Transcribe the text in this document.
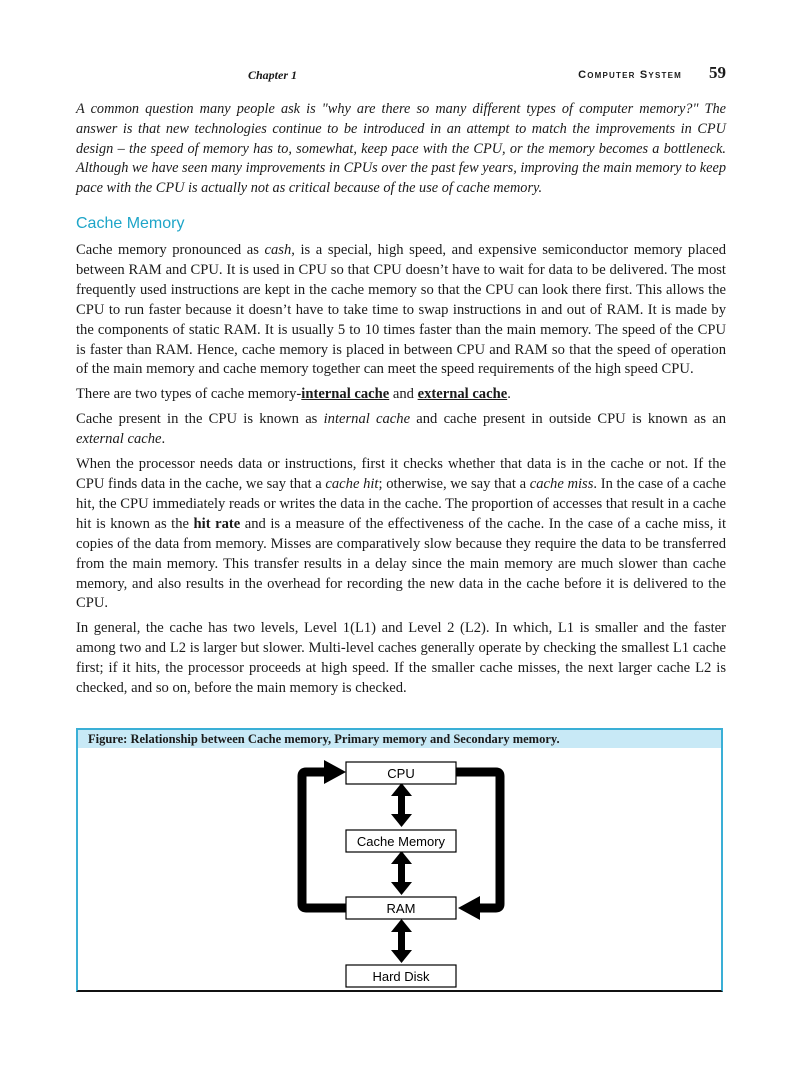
Chapter 1	Computer System 59

A common question many people ask is "why are there so many different types of computer memory?" The answer is that new technologies continue to be introduced in an attempt to match the improvements in CPU design – the speed of memory has to, somewhat, keep pace with the CPU, or the memory becomes a bottleneck. Although we have seen many improvements in CPUs over the past few years, improving the main memory to keep pace with the CPU is actually not as critical because of the use of cache memory.

Cache Memory

Cache memory pronounced as cash, is a special, high speed, and expensive semiconductor memory placed between RAM and CPU. It is used in CPU so that CPU doesn’t have to wait for data to be delivered. The most frequently used instructions are kept in the cache memory so that the CPU can look there first. This allows the CPU to run faster because it doesn’t have to take time to swap instructions in and out of RAM. It is made by the components of static RAM. It is usually 5 to 10 times faster than the main memory. The speed of the CPU is faster than RAM. Hence, cache memory is placed in between CPU and RAM so that the speed of operation of the main memory and cache memory together can meet the speed requirements of the high speed CPU.

There are two types of cache memory-internal cache and external cache.

Cache present in the CPU is known as internal cache and cache present in outside CPU is known as an external cache.

When the processor needs data or instructions, first it checks whether that data is in the cache or not. If the CPU finds data in the cache, we say that a cache hit; otherwise, we say that a cache miss. In the case of a cache hit, the CPU immediately reads or writes the data in the cache. The proportion of accesses that result in a cache hit is known as the hit rate and is a measure of the effectiveness of the cache. In the case of a cache miss, it copies of the data from memory. Misses are comparatively slow because they require the data to be transferred from the main memory. This transfer results in a delay since the main memory are much slower than cache memory, and also results in the overhead for recording the new data in the cache before it is delivered to the CPU.

In general, the cache has two levels, Level 1(L1) and Level 2 (L2). In which, L1 is smaller and the faster among two and L2 is larger but slower. Multi-level caches generally operate by checking the smallest L1 cache first; if it hits, the processor proceeds at high speed. If the smaller cache misses, the next larger cache L2 is checked, and so on, before the main memory is checked.

Figure: Relationship between Cache memory, Primary memory and Secondary memory.
CPU
Cache Memory
RAM
Hard Disk
